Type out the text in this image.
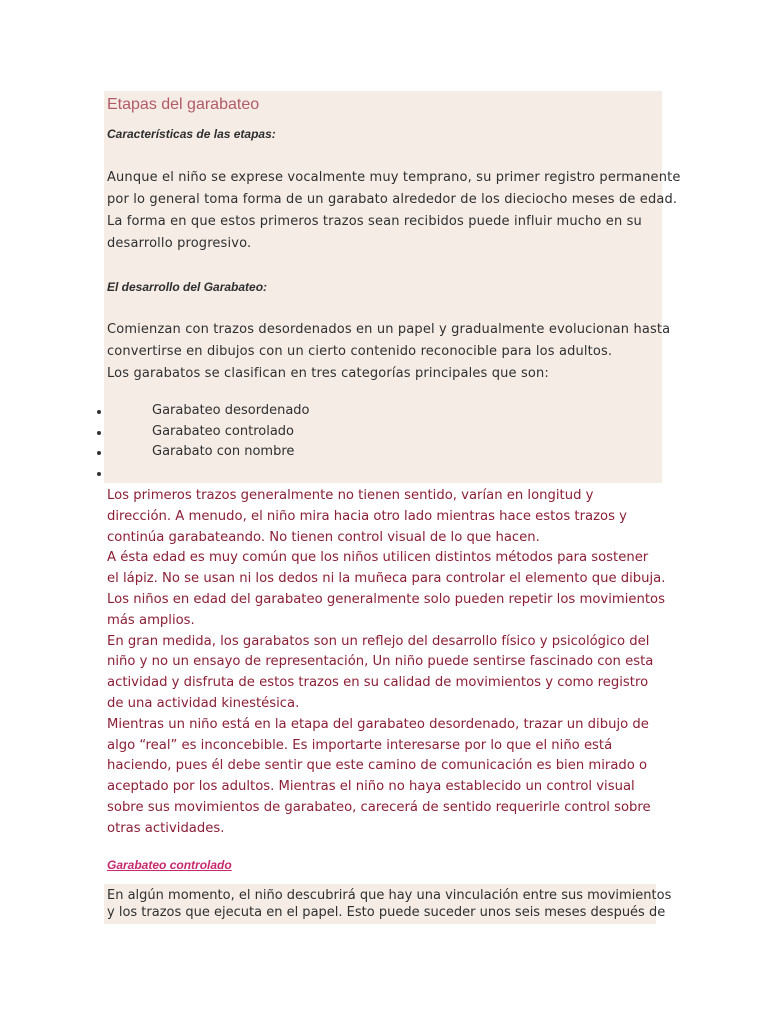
Etapas del garabateo
Características de las etapas:
Aunque el niño se exprese vocalmente muy temprano, su primer registro permanente
por lo general toma forma de un garabato alrededor de los dieciocho meses de edad.
La forma en que estos primeros trazos sean recibidos puede influir mucho en su
desarrollo progresivo.
El desarrollo del Garabateo:
Comienzan con trazos desordenados en un papel y gradualmente evolucionan hasta
convertirse en dibujos con un cierto contenido reconocible para los adultos.
Los garabatos se clasifican en tres categorías principales que son:
Garabateo desordenado
Garabateo controlado
Garabato con nombre
Los primeros trazos generalmente no tienen sentido, varían en longitud y
dirección. A menudo, el niño mira hacia otro lado mientras hace estos trazos y
continúa garabateando. No tienen control visual de lo que hacen.
A ésta edad es muy común que los niños utilicen distintos métodos para sostener
el lápiz. No se usan ni los dedos ni la muñeca para controlar el elemento que dibuja.
Los niños en edad del garabateo generalmente solo pueden repetir los movimientos
más amplios.
En gran medida, los garabatos son un reflejo del desarrollo físico y psicológico del
niño y no un ensayo de representación, Un niño puede sentirse fascinado con esta
actividad y disfruta de estos trazos en su calidad de movimientos y como registro
de una actividad kinestésica.
Mientras un niño está en la etapa del garabateo desordenado, trazar un dibujo de
algo “real” es inconcebible. Es importarte interesarse por lo que el niño está
haciendo, pues él debe sentir que este camino de comunicación es bien mirado o
aceptado por los adultos. Mientras el niño no haya establecido un control visual
sobre sus movimientos de garabateo, carecerá de sentido requerirle control sobre
otras actividades.
Garabateo controlado
En algún momento, el niño descubrirá que hay una vinculación entre sus movimientos
y los trazos que ejecuta en el papel. Esto puede suceder unos seis meses después de
